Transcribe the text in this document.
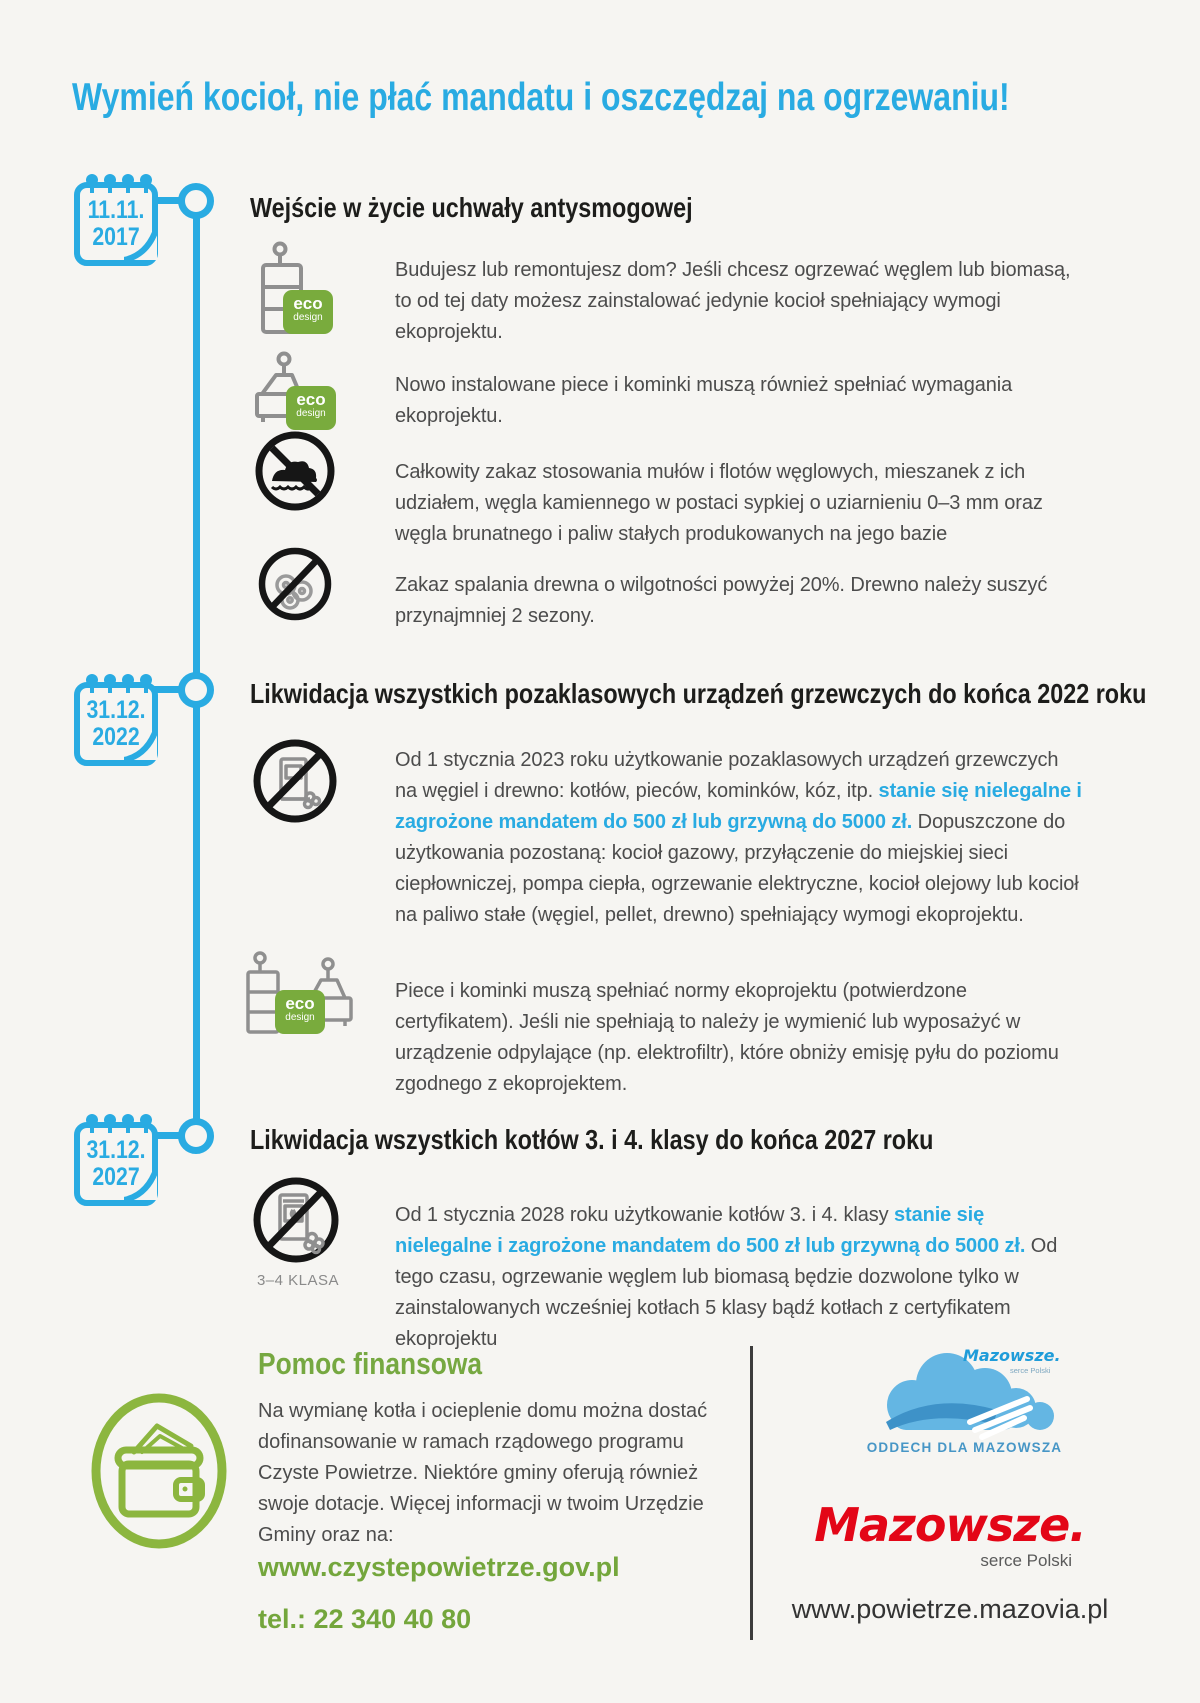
Wymień kocioł, nie płać mandatu i oszczędzaj na ogrzewaniu!
11.11.
2017
Wejście w życie uchwały antysmogowej
eco
design
Budujesz lub remontujesz dom? Jeśli chcesz ogrzewać węglem lub biomasą, to od tej daty możesz zainstalować jedynie kocioł spełniający wymogi ekoprojektu.
eco
design
Nowo instalowane piece i kominki muszą również spełniać wymagania ekoprojektu.
Całkowity zakaz stosowania mułów i flotów węglowych, mieszanek z ich udziałem, węgla kamiennego w postaci sypkiej o uziarnieniu 0–3 mm oraz węgla brunatnego i paliw stałych produkowanych na jego bazie
Zakaz spalania drewna o wilgotności powyżej 20%. Drewno należy suszyć przynajmniej 2 sezony.
31.12.
2022
Likwidacja wszystkich pozaklasowych urządzeń grzewczych do końca 2022 roku

Od 1 stycznia 2023 roku użytkowanie pozaklasowych urządzeń grzewczych na węgiel i drewno: kotłów, pieców, kominków, kóz, itp. stanie się nielegalne i zagrożone mandatem do 500 zł lub grzywną do 5000 zł. Dopuszczone do użytkowania pozostaną: kocioł gazowy, przyłączenie do miejskiej sieci ciepłowniczej, pompa ciepła, ogrzewanie elektryczne, kocioł olejowy lub kocioł na paliwo stałe (węgiel, pellet, drewno) spełniający wymogi ekoprojektu.

eco
design
Piece i kominki muszą spełniać normy ekoprojektu (potwierdzone certyfikatem). Jeśli nie spełniają to należy je wymienić lub wyposażyć w urządzenie odpylające (np. elektrofiltr), które obniży emisję pyłu do poziomu zgodnego z ekoprojektem.
31.12.
2027
Likwidacja wszystkich kotłów 3. i 4. klasy do końca 2027 roku
3–4 KLASA

Od 1 stycznia 2028 roku użytkowanie kotłów 3. i 4. klasy stanie się nielegalne i zagrożone mandatem do 500 zł lub grzywną do 5000 zł. Od tego czasu, ogrzewanie węglem lub biomasą będzie dozwolone tylko w zainstalowanych wcześniej kotłach 5 klasy bądź kotłach z certyfikatem ekoprojektu

Pomoc finansowa
Na wymianę kotła i ocieplenie domu można dostać dofinansowanie w ramach rządowego programu Czyste Powietrze. Niektóre gminy oferują również swoje dotacje. Więcej informacji w twoim Urzędzie Gminy oraz na:
www.czystepowietrze.gov.pl
tel.: 22 340 40 80
Mazowsze.
serce Polski
ODDECH DLA MAZOWSZA
Mazowsze.
serce Polski
www.powietrze.mazovia.pl
